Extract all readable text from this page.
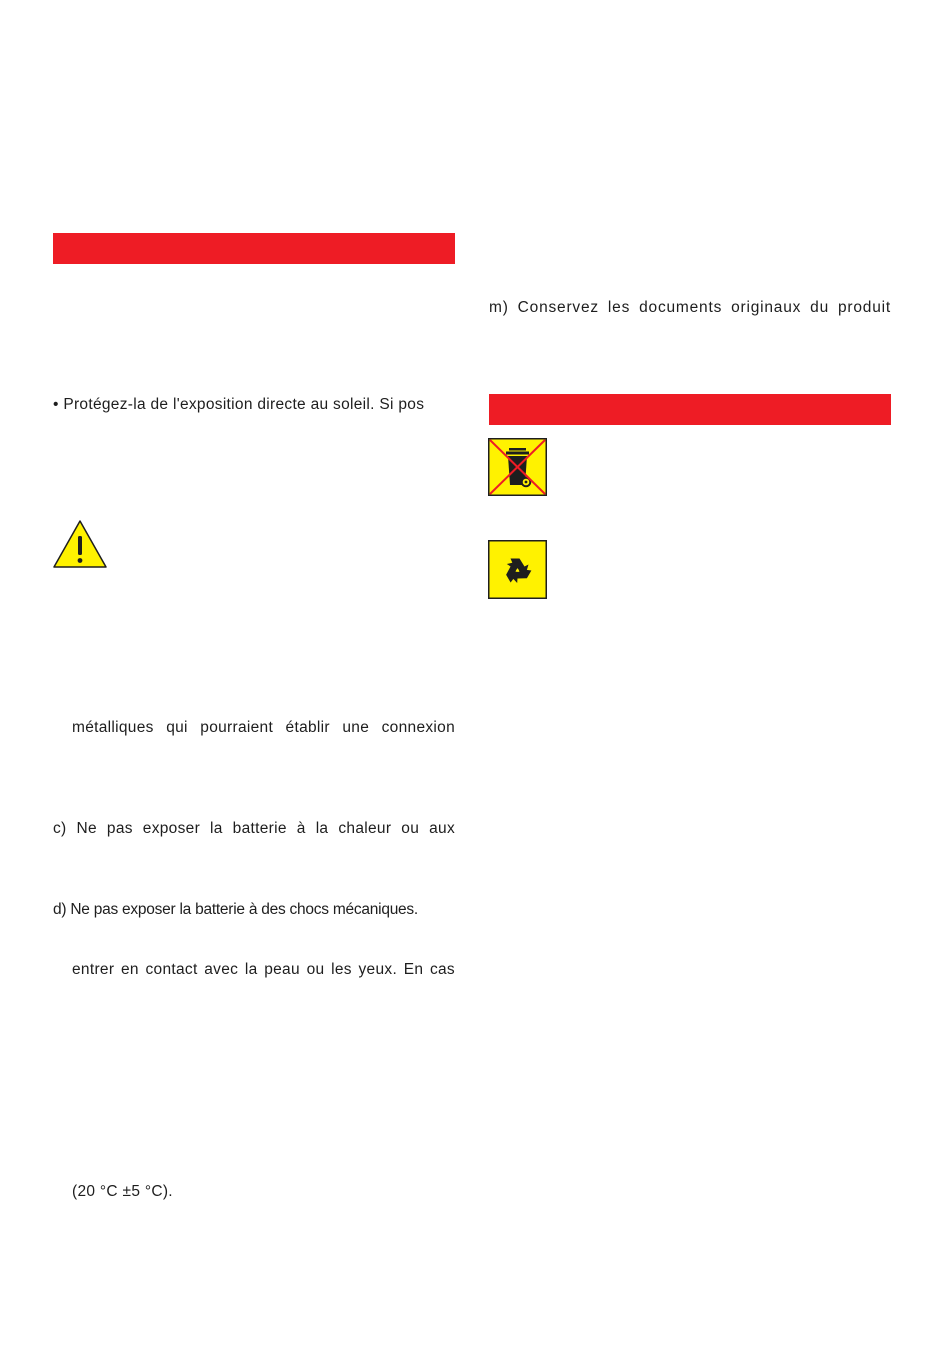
• Protégez-la de l'exposition directe au soleil. Si pos
métalliques qui pourraient établir une connexion
c) Ne pas exposer la batterie à la chaleur ou aux
d) Ne pas exposer la batterie à des chocs mécaniques.
entrer en contact avec la peau ou les yeux. En cas
(20 °C ±5 °C).
m) Conservez les documents originaux du produit
